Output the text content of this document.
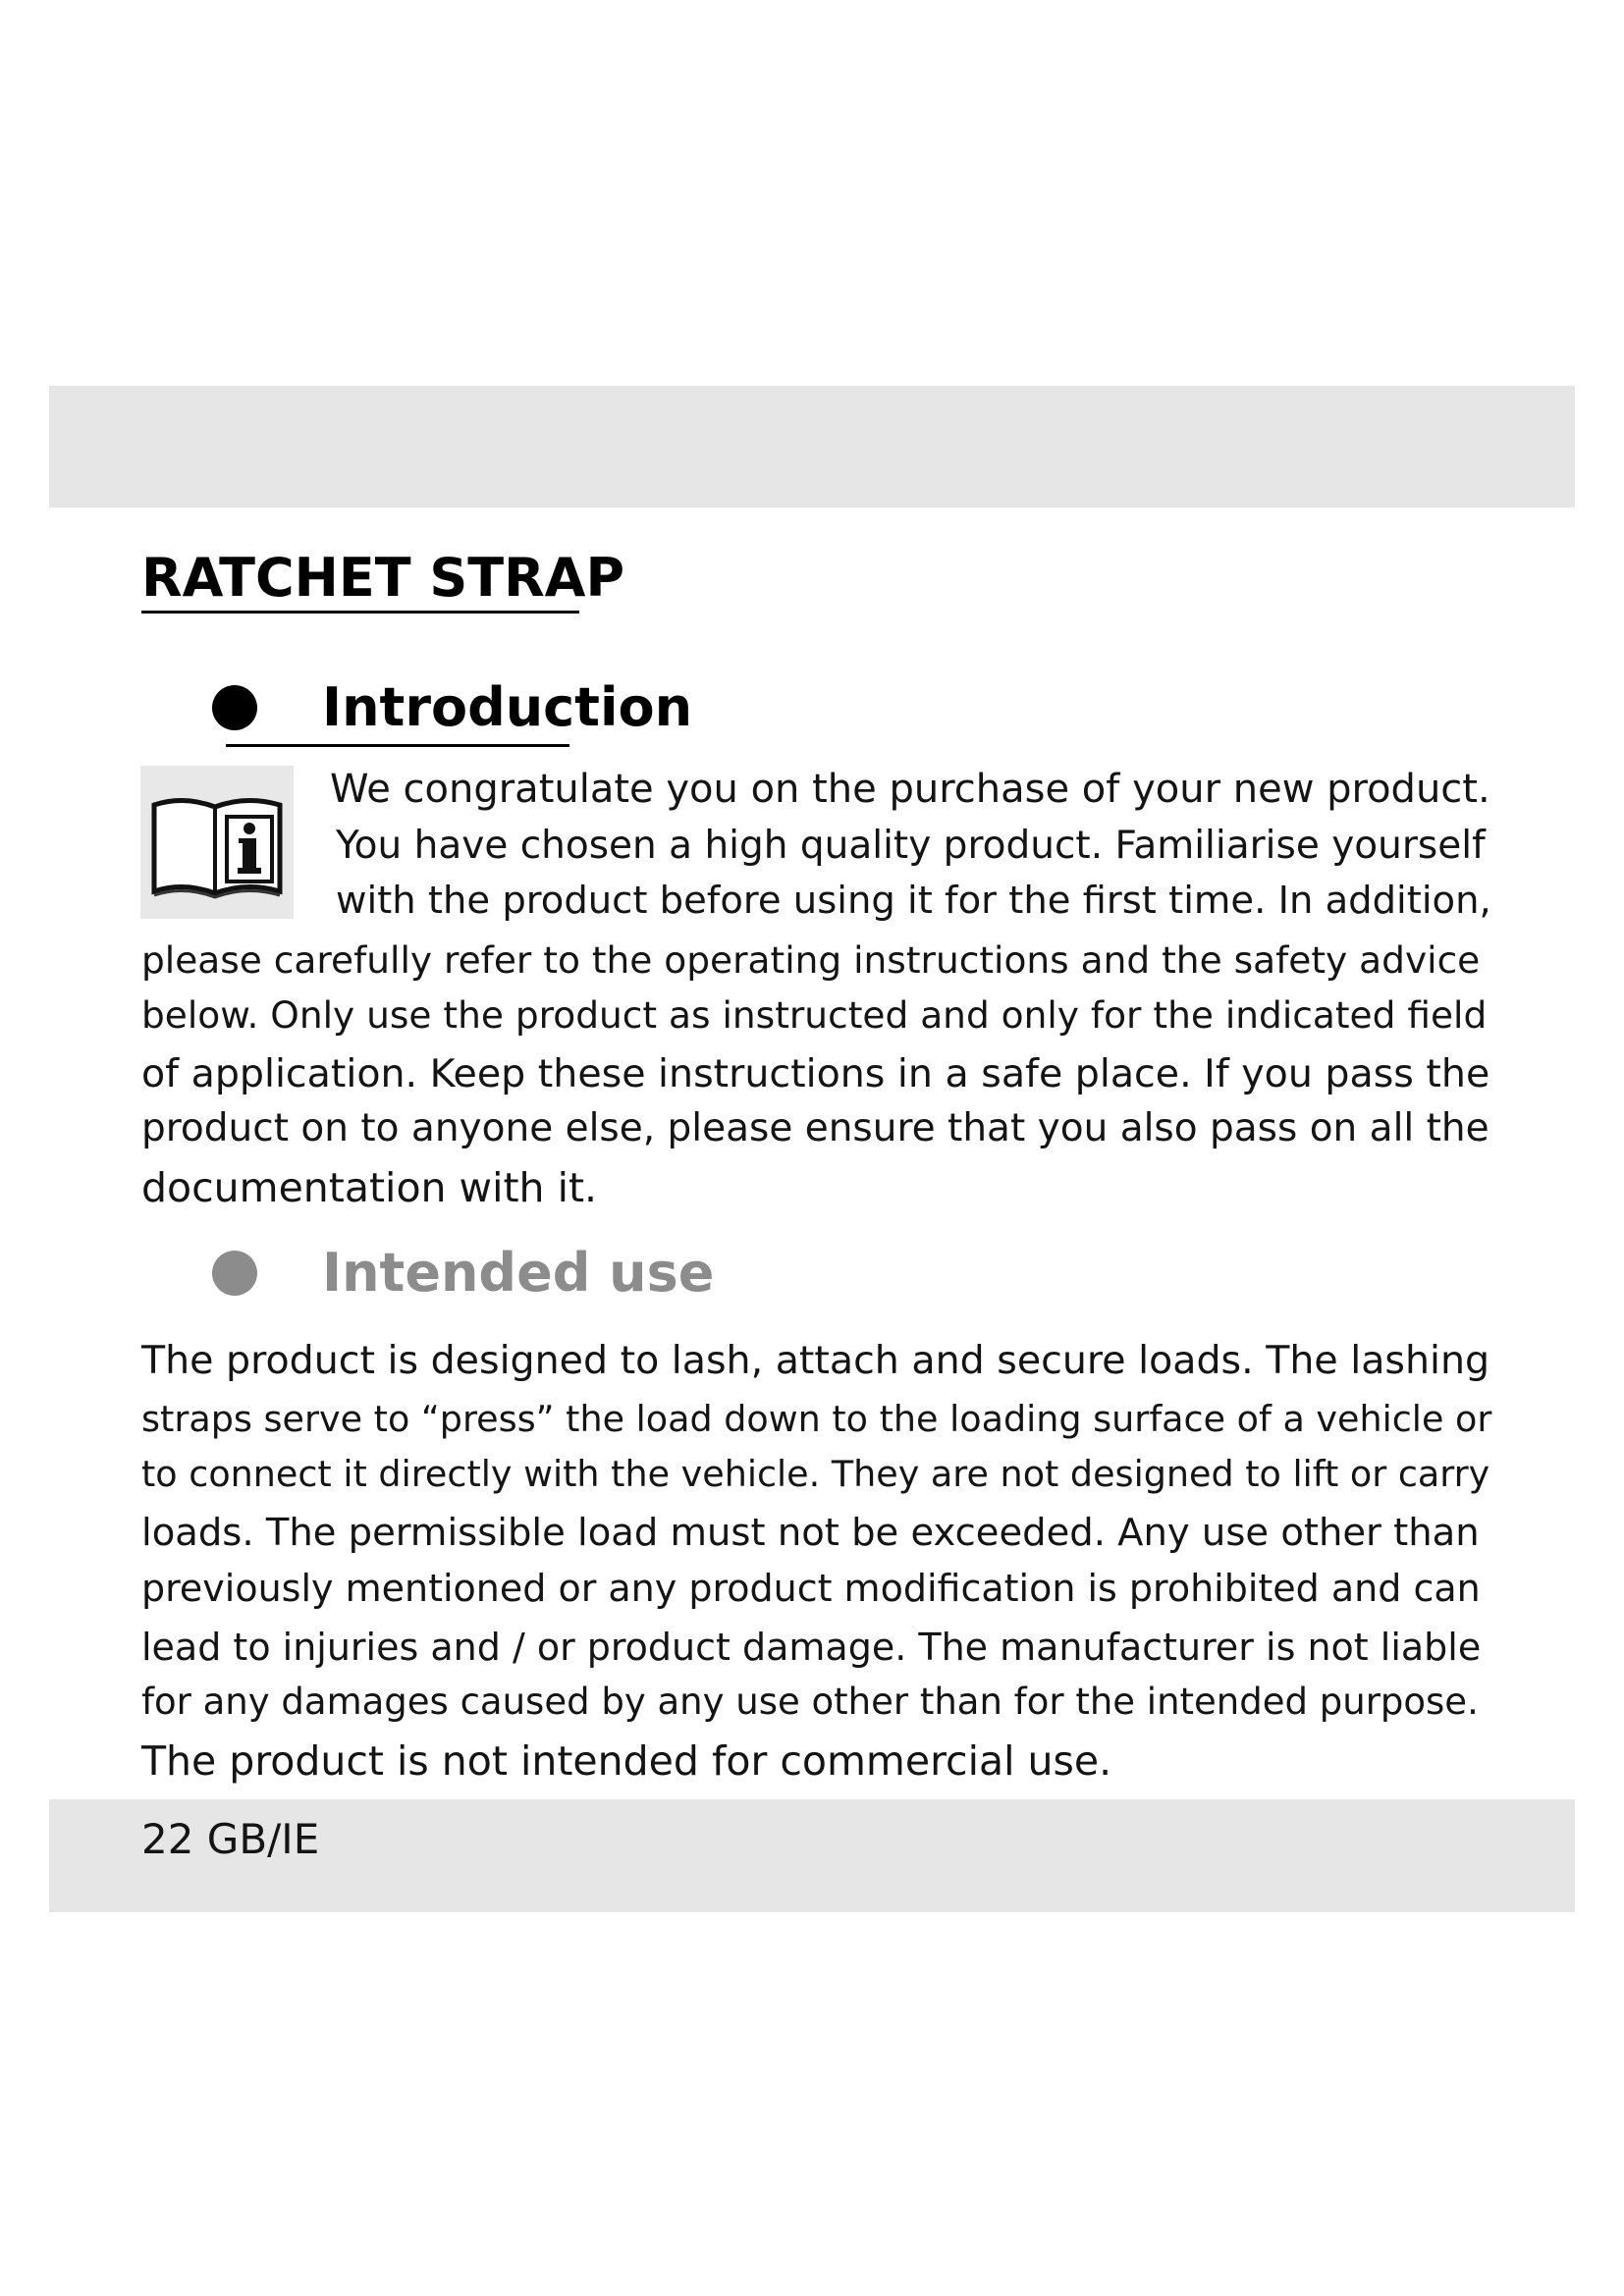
RATCHET STRAP
Introduction

We congratulate you on the purchase of your new product.

You have chosen a high quality product. Familiarise yourself

with the product before using it for the first time. In addition,

please carefully refer to the operating instructions and the safety advice

below. Only use the product as instructed and only for the indicated field

of application. Keep these instructions in a safe place. If you pass the

product on to anyone else, please ensure that you also pass on all the

documentation with it.

Intended use

The product is designed to lash, attach and secure loads. The lashing

straps serve to “press” the load down to the loading surface of a vehicle or

to connect it directly with the vehicle. They are not designed to lift or carry

loads. The permissible load must not be exceeded. Any use other than

previously mentioned or any product modification is prohibited and can

lead to injuries and / or product damage. The manufacturer is not liable

for any damages caused by any use other than for the intended purpose.

The product is not intended for commercial use.

22 GB/IE
